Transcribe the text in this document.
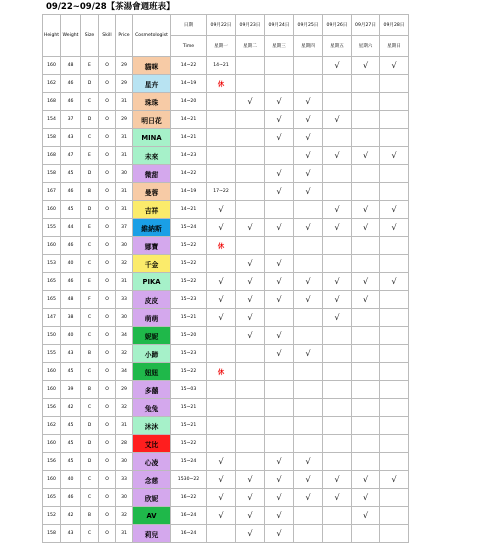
09/22~09/28【茶湯會週班表】
Height	Weight	Size	Skill	Price	Cosmetologist	日期	09月22日	09月23日	09月24日	09月25日	09月26日	09月27日	09月28日
						Time	星期一	星期二	星期三	星期四	星期五	星期六	星期日
160	48	E	O	29	貓咪	14~22	14~21				√	√	√
162	46	D	O	29	星卉	14~19	休						
168	46	C	O	31	珠珠	14~20		√	√	√			
154	37	D	O	29	明日花	14~21			√	√	√		
158	43	C	O	31	MINA	14~21			√	√			
168	47	E	O	31	未來	14~23				√	√	√	√
158	45	D	O	30	微甜	14~22			√	√			
167	46	B	O	31	曼蓉	14~19	17~22		√	√			
160	45	D	O	31	吉祥	14~21	√				√	√	√
155	44	E	O	37	維納斯	15~24	√	√	√	√	√	√	√
160	46	C	O	30	娜寶	15~22	休						
153	40	C	O	32	千金	15~22		√	√				
165	46	E	O	31	PIKA	15~22	√	√	√	√	√	√	√
165	48	F	O	33	皮皮	15~23	√	√	√	√	√	√	
147	38	C	O	30	萌萌	15~21	√	√			√		
150	40	C	O	34	妮妮	15~20		√	√				
155	43	B	O	32	小蹄	15~23			√	√			
160	45	C	O	34	妞妞	15~22	休						
160	39	B	O	29	多囍	15~03							
156	42	C	O	32	兔兔	15~21							
162	45	D	O	31	沐沐	15~21							
160	45	D	O	28	艾比	15~22							
156	45	D	O	30	心凌	15~24	√		√	√			
160	40	C	O	33	念慈	1530~22	√	√	√	√	√	√	√
165	46	C	O	30	欣妮	16~22	√	√	√	√	√	√	
152	42	B	O	32	AV	16~24	√	√	√			√	
158	43	C	O	31	莉兒	16~24		√	√				
